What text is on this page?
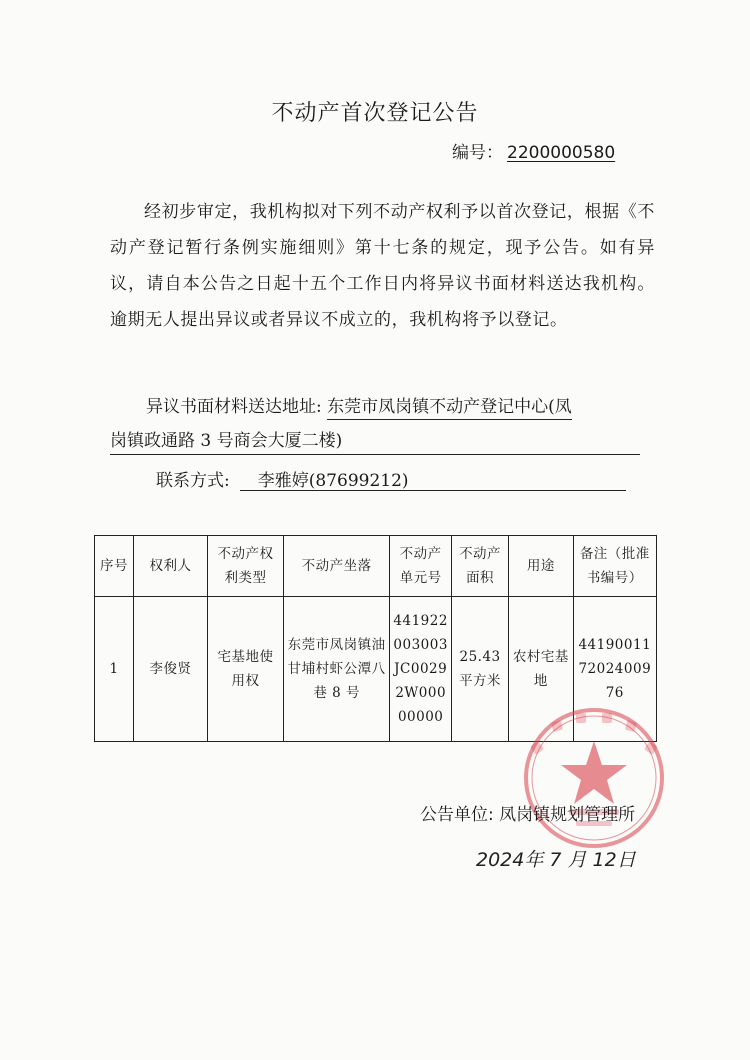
不动产首次登记公告
编号： 2200000580
经初步审定，我机构拟对下列不动产权利予以首次登记，根据《不动产登记暂行条例实施细则》第十七条的规定，现予公告。如有异议，请自本公告之日起十五个工作日内将异议书面材料送达我机构。逾期无人提出异议或者异议不成立的，我机构将予以登记。
异议书面材料送达地址: 东莞市凤岗镇不动产登记中心(凤
岗镇政通路 3 号商会大厦二楼)
联系方式: 李雅婷(87699212)
序号	权利人	不动产权利类型	不动产坐落	不动产单元号	不动产面积	用途	备注（批准书编号）
1	李俊贤	宅基地使用权	东莞市凤岗镇油甘埔村虾公潭八巷 8 号	441922003003JC00292W00000000	25.43 平方米	农村宅基地	4419001172024009 76
公告单位: 凤岗镇规划管理所
2024年 7 月 12日
